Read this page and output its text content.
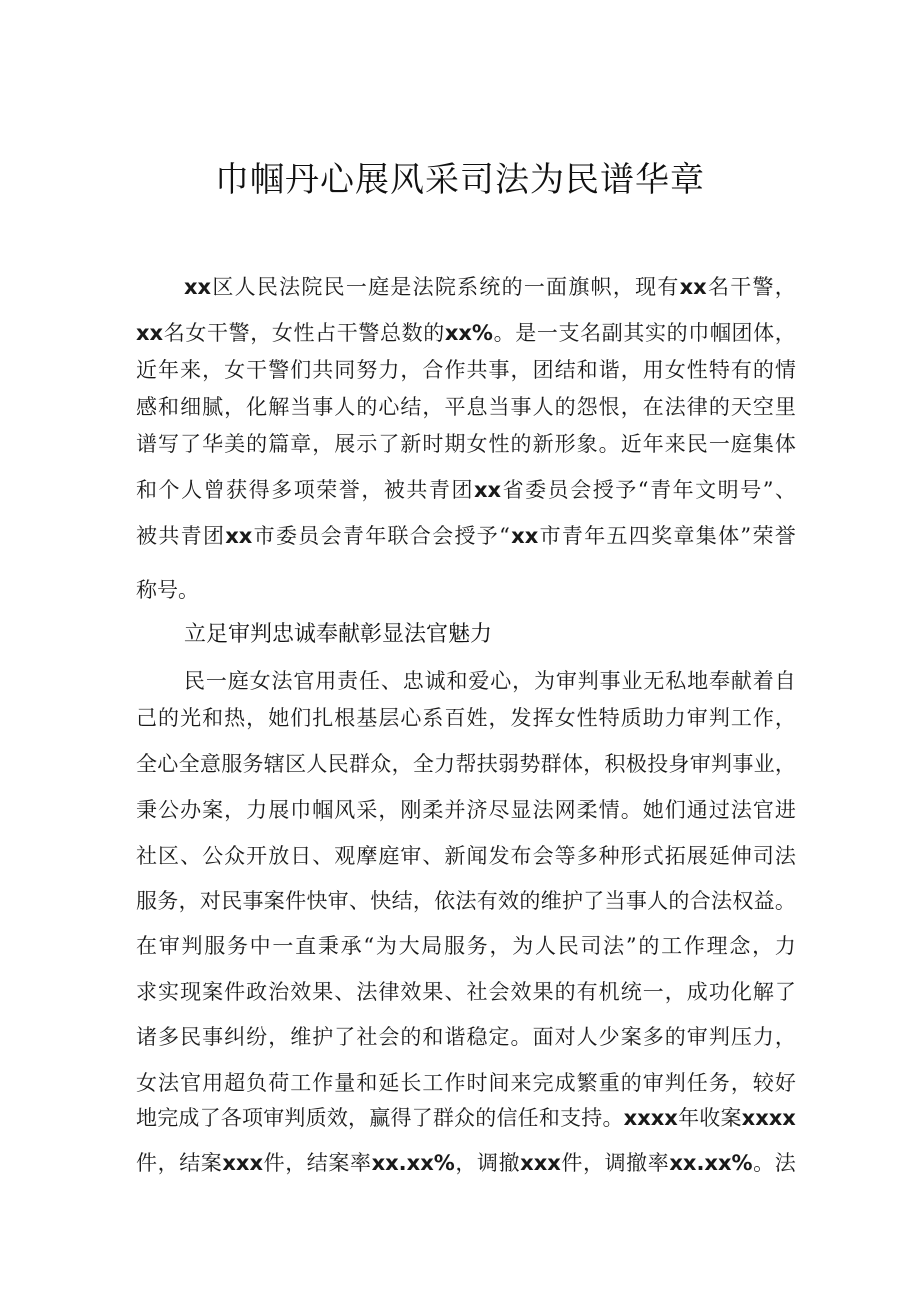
巾帼丹心展风采司法为民谱华章
xx 区 人 民 法 院 民 一 庭 是 法 院 系 统 的 一 面 旗 帜 ， 现 有 xx 名 干 警 ，
xx 名 女 干 警 ， 女 性 占 干 警 总 数 的 xx% 。 是 一 支 名 副 其 实 的 巾 帼 团 体 ，
近 年 来 ， 女 干 警 们 共 同 努 力 ， 合 作 共 事 ， 团 结 和 谐 ， 用 女 性 特 有 的 情
感 和 细 腻 ， 化 解 当 事 人 的 心 结 ， 平 息 当 事 人 的 怨 恨 ， 在 法 律 的 天 空 里
谱 写 了 华 美 的 篇 章 ， 展 示 了 新 时 期 女 性 的 新 形 象 。 近 年 来 民 一 庭 集 体
和 个 人 曾 获 得 多 项 荣 誉 ， 被 共 青 团 xx 省 委 员 会 授 予 “ 青 年 文 明 号 ” 、
被 共 青 团 xx 市 委 员 会 青 年 联 合 会 授 予 “ xx 市 青 年 五 四 奖 章 集 体 ” 荣 誉
称号。
立足审判忠诚奉献彰显法官魅力
民 一 庭 女 法 官 用 责 任 、 忠 诚 和 爱 心 ， 为 审 判 事 业 无 私 地 奉 献 着 自
己 的 光 和 热 ， 她 们 扎 根 基 层 心 系 百 姓 ， 发 挥 女 性 特 质 助 力 审 判 工 作 ，
全 心 全 意 服 务 辖 区 人 民 群 众 ， 全 力 帮 扶 弱 势 群 体 ， 积 极 投 身 审 判 事 业 ，
秉 公 办 案 ， 力 展 巾 帼 风 采 ， 刚 柔 并 济 尽 显 法 网 柔 情 。 她 们 通 过 法 官 进
社 区 、 公 众 开 放 日 、 观 摩 庭 审 、 新 闻 发 布 会 等 多 种 形 式 拓 展 延 伸 司 法
服 务 ， 对 民 事 案 件 快 审 、 快 结 ， 依 法 有 效 的 维 护 了 当 事 人 的 合 法 权 益 。
在 审 判 服 务 中 一 直 秉 承 “ 为 大 局 服 务 ， 为 人 民 司 法 ” 的 工 作 理 念 ， 力
求 实 现 案 件 政 治 效 果 、 法 律 效 果 、 社 会 效 果 的 有 机 统 一 ， 成 功 化 解 了
诸 多 民 事 纠 纷 ， 维 护 了 社 会 的 和 谐 稳 定 。 面 对 人 少 案 多 的 审 判 压 力 ，
女 法 官 用 超 负 荷 工 作 量 和 延 长 工 作 时 间 来 完 成 繁 重 的 审 判 任 务 ， 较 好
地 完 成 了 各 项 审 判 质 效 ， 赢 得 了 群 众 的 信 任 和 支 持 。 xxxx 年 收 案 xxxx
件 ， 结 案 xxx 件 ， 结 案 率 xx.xx% ， 调 撤 xxx 件 ， 调 撤 率 xx.xx% 。 法
